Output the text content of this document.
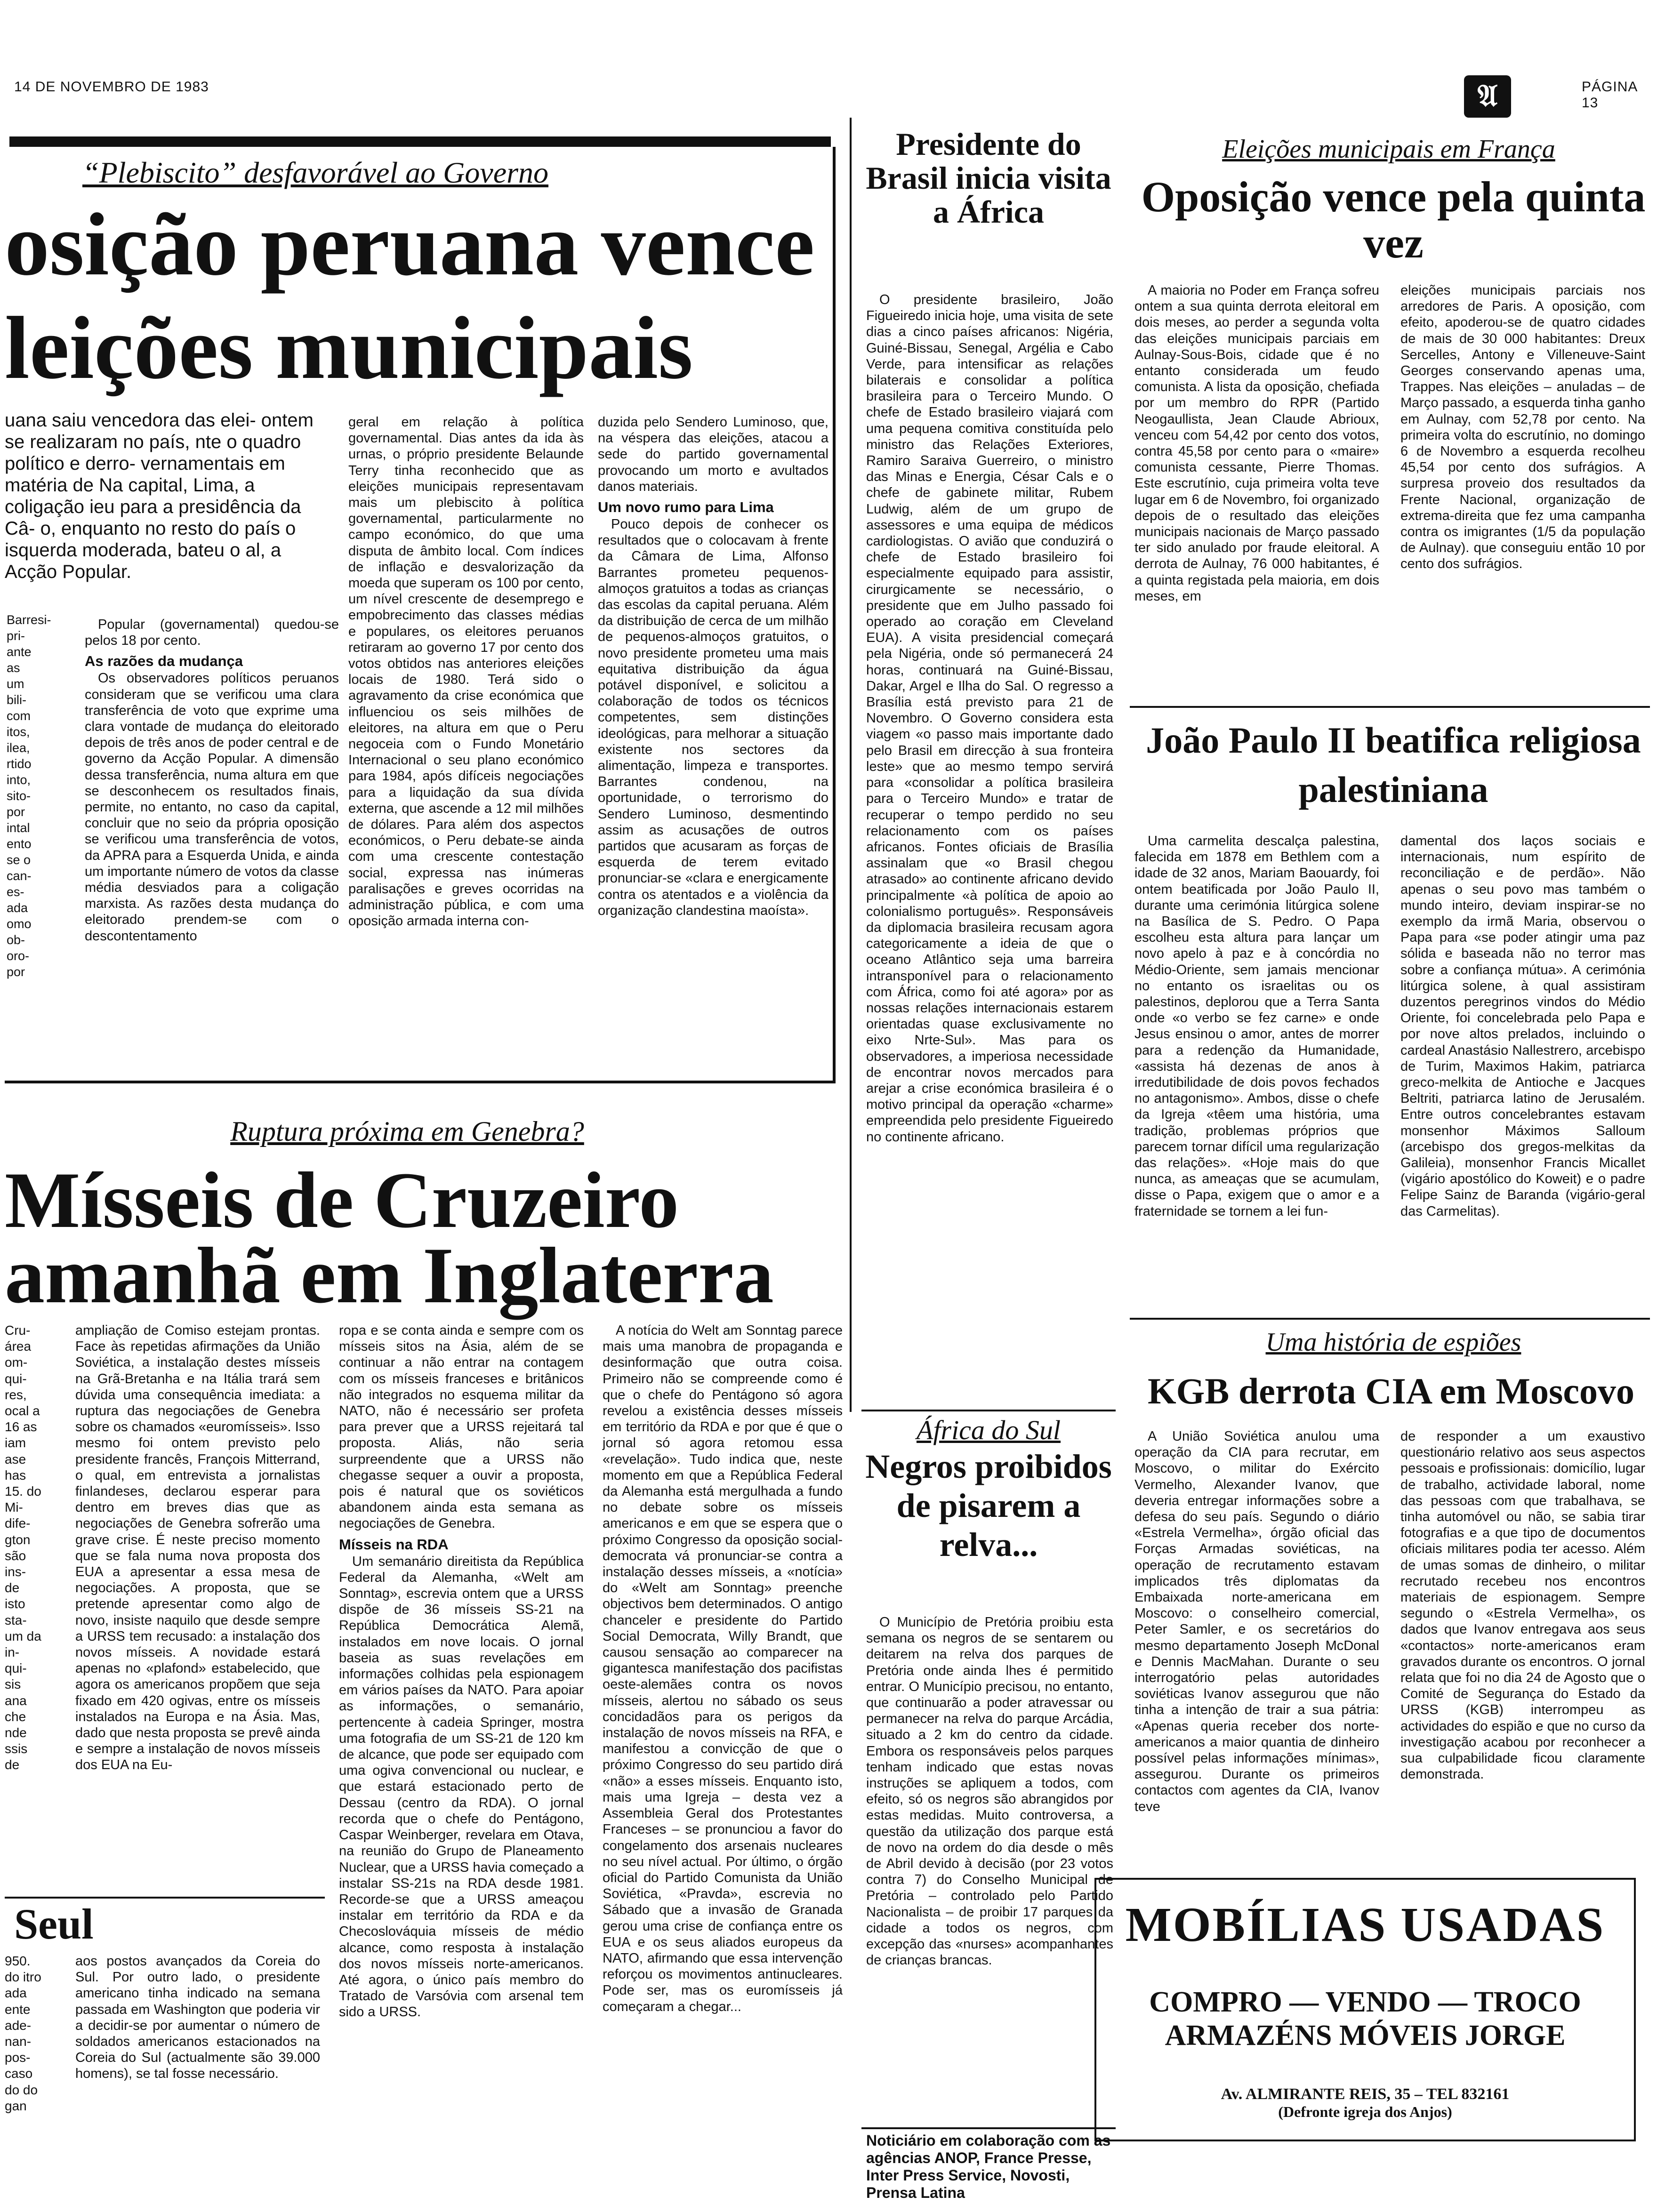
14 DE NOVEMBRO DE 1983	PÁGINA 13
𝔄
“Plebiscito” desfavorável ao Governo
osição peruana vence
leições municipais
uana saiu vencedora das elei- ontem se realizaram no país, nte o quadro político e derro- vernamentais em matéria de Na capital, Lima, a coligação ieu para a presidência da Câ- o, enquanto no resto do país o isquerda moderada, bateu o al, a Acção Popular.
Barresi- pri- ante as um bili- com itos, ilea, rtido into, sito- por intal ento se o can- es- ada omo ob- oro- por

Popular (governamental) quedou-se pelos 18 por cento.

As razões da mudança

Os observadores políticos peruanos consideram que se verificou uma clara transferência de voto que exprime uma clara vontade de mudança do eleitorado depois de três anos de poder central e de governo da Acção Popular. A dimensão dessa transferência, numa altura em que se desconhecem os resultados finais, permite, no entanto, no caso da capital, concluir que no seio da própria oposição se verificou uma transferência de votos, da APRA para a Esquerda Unida, e ainda um importante número de votos da classe média desviados para a coligação marxista. As razões desta mudança do eleitorado prendem-se com o descontentamento

geral em relação à política governamental. Dias antes da ida às urnas, o próprio presidente Belaunde Terry tinha reconhecido que as eleições municipais representavam mais um plebiscito à política governamental, particularmente no campo económico, do que uma disputa de âmbito local. Com índices de inflação e desvalorização da moeda que superam os 100 por cento, um nível crescente de desemprego e empobrecimento das classes médias e populares, os eleitores peruanos retiraram ao governo 17 por cento dos votos obtidos nas anteriores eleições locais de 1980. Terá sido o agravamento da crise económica que influenciou os seis milhões de eleitores, na altura em que o Peru negoceia com o Fundo Monetário Internacional o seu plano económico para 1984, após difíceis negociações para a liquidação da sua dívida externa, que ascende a 12 mil milhões de dólares. Para além dos aspectos económicos, o Peru debate-se ainda com uma crescente contestação social, expressa nas inúmeras paralisações e greves ocorridas na administração pública, e com uma oposição armada interna con-

duzida pelo Sendero Luminoso, que, na véspera das eleições, atacou a sede do partido governamental provocando um morto e avultados danos materiais.

Um novo rumo para Lima

Pouco depois de conhecer os resultados que o colocavam à frente da Câmara de Lima, Alfonso Barrantes prometeu pequenos-almoços gratuitos a todas as crianças das escolas da capital peruana. Além da distribuição de cerca de um milhão de pequenos-almoços gratuitos, o novo presidente prometeu uma mais equitativa distribuição da água potável disponível, e solicitou a colaboração de todos os técnicos competentes, sem distinções ideológicas, para melhorar a situação existente nos sectores da alimentação, limpeza e transportes. Barrantes condenou, na oportunidade, o terrorismo do Sendero Luminoso, desmentindo assim as acusações de outros partidos que acusaram as forças de esquerda de terem evitado pronunciar-se «clara e energicamente contra os atentados e a violência da organização clandestina maoísta».

Presidente do Brasil inicia visita a África

O presidente brasileiro, João Figueiredo inicia hoje, uma visita de sete dias a cinco países africanos: Nigéria, Guiné-Bissau, Senegal, Argélia e Cabo Verde, para intensificar as relações bilaterais e consolidar a política brasileira para o Terceiro Mundo. O chefe de Estado brasileiro viajará com uma pequena comitiva constituída pelo ministro das Relações Exteriores, Ramiro Saraiva Guerreiro, o ministro das Minas e Energia, César Cals e o chefe de gabinete militar, Rubem Ludwig, além de um grupo de assessores e uma equipa de médicos cardiologistas. O avião que conduzirá o chefe de Estado brasileiro foi especialmente equipado para assistir, cirurgicamente se necessário, o presidente que em Julho passado foi operado ao coração em Cleveland EUA). A visita presidencial começará pela Nigéria, onde só permanecerá 24 horas, continuará na Guiné-Bissau, Dakar, Argel e Ilha do Sal. O regresso a Brasília está previsto para 21 de Novembro. O Governo considera esta viagem «o passo mais importante dado pelo Brasil em direcção à sua fronteira leste» que ao mesmo tempo servirá para «consolidar a política brasileira para o Terceiro Mundo» e tratar de recuperar o tempo perdido no seu relacionamento com os países africanos. Fontes oficiais de Brasília assinalam que «o Brasil chegou atrasado» ao continente africano devido principalmente «à política de apoio ao colonialismo português». Responsáveis da diplomacia brasileira recusam agora categoricamente a ideia de que o oceano Atlântico seja uma barreira intransponível para o relacionamento com África, como foi até agora» por as nossas relações internacionais estarem orientadas quase exclusivamente no eixo Nrte-Sul». Mas para os observadores, a imperiosa necessidade de encontrar novos mercados para arejar a crise económica brasileira é o motivo principal da operação «charme» empreendida pelo presidente Figueiredo no continente africano.

Eleições municipais em França
Oposição vence pela quinta vez

A maioria no Poder em França sofreu ontem a sua quinta derrota eleitoral em dois meses, ao perder a segunda volta das eleições municipais parciais em Aulnay-Sous-Bois, cidade que é no entanto considerada um feudo comunista. A lista da oposição, chefiada por um membro do RPR (Partido Neogaullista, Jean Claude Abrioux, venceu com 54,42 por cento dos votos, contra 45,58 por cento para o «maire» comunista cessante, Pierre Thomas. Este escrutínio, cuja primeira volta teve lugar em 6 de Novembro, foi organizado depois de o resultado das eleições municipais nacionais de Março passado ter sido anulado por fraude eleitoral. A derrota de Aulnay, 76 000 habitantes, é a quinta registada pela maioria, em dois meses, em

eleições municipais parciais nos arredores de Paris. A oposição, com efeito, apoderou-se de quatro cidades de mais de 30 000 habitantes: Dreux Sercelles, Antony e Villeneuve-Saint Georges conservando apenas uma, Trappes. Nas eleições – anuladas – de Março passado, a esquerda tinha ganho em Aulnay, com 52,78 por cento. Na primeira volta do escrutínio, no domingo 6 de Novembro a esquerda recolheu 45,54 por cento dos sufrágios. A surpresa proveio dos resultados da Frente Nacional, organização de extrema-direita que fez uma campanha contra os imigrantes (1/5 da população de Aulnay). que conseguiu então 10 por cento dos sufrágios.

João Paulo II beatifica religiosa palestiniana

Uma carmelita descalça palestina, falecida em 1878 em Bethlem com a idade de 32 anos, Mariam Baouardy, foi ontem beatificada por João Paulo II, durante uma cerimónia litúrgica solene na Basílica de S. Pedro. O Papa escolheu esta altura para lançar um novo apelo à paz e à concórdia no Médio-Oriente, sem jamais mencionar no entanto os israelitas ou os palestinos, deplorou que a Terra Santa onde «o verbo se fez carne» e onde Jesus ensinou o amor, antes de morrer para a redenção da Humanidade, «assista há dezenas de anos à irredutibilidade de dois povos fechados no antagonismo». Ambos, disse o chefe da Igreja «têem uma história, uma tradição, problemas próprios que parecem tornar difícil uma regularização das relações». «Hoje mais do que nunca, as ameaças que se acumulam, disse o Papa, exigem que o amor e a fraternidade se tornem a lei fun-

damental dos laços sociais e internacionais, num espírito de reconciliação e de perdão». Não apenas o seu povo mas também o mundo inteiro, deviam inspirar-se no exemplo da irmã Maria, observou o Papa para «se poder atingir uma paz sólida e baseada não no terror mas sobre a confiança mútua». A cerimónia litúrgica solene, à qual assistiram duzentos peregrinos vindos do Médio Oriente, foi concelebrada pelo Papa e por nove altos prelados, incluindo o cardeal Anastásio Nallestrero, arcebispo de Turim, Maximos Hakim, patriarca greco-melkita de Antioche e Jacques Beltriti, patriarca latino de Jerusalém. Entre outros concelebrantes estavam monsenhor Máximos Salloum (arcebispo dos gregos-melkitas da Galileia), monsenhor Francis Micallet (vigário apostólico do Koweit) e o padre Felipe Sainz de Baranda (vigário-geral das Carmelitas).

Uma história de espiões
KGB derrota CIA em Moscovo

A União Soviética anulou uma operação da CIA para recrutar, em Moscovo, o militar do Exército Vermelho, Alexander Ivanov, que deveria entregar informações sobre a defesa do seu país. Segundo o diário «Estrela Vermelha», órgão oficial das Forças Armadas soviéticas, na operação de recrutamento estavam implicados três diplomatas da Embaixada norte-americana em Moscovo: o conselheiro comercial, Peter Samler, e os secretários do mesmo departamento Joseph McDonal e Dennis MacMahan. Durante o seu interrogatório pelas autoridades soviéticas Ivanov assegurou que não tinha a intenção de trair a sua pátria: «Apenas queria receber dos norte-americanos a maior quantia de dinheiro possível pelas informações mínimas», assegurou. Durante os primeiros contactos com agentes da CIA, Ivanov teve

de responder a um exaustivo questionário relativo aos seus aspectos pessoais e profissionais: domicílio, lugar de trabalho, actividade laboral, nome das pessoas com que trabalhava, se tinha automóvel ou não, se sabia tirar fotografias e a que tipo de documentos oficiais militares podia ter acesso. Além de umas somas de dinheiro, o militar recrutado recebeu nos encontros materiais de espionagem. Sempre segundo o «Estrela Vermelha», os dados que Ivanov entregava aos seus «contactos» norte-americanos eram gravados durante os encontros. O jornal relata que foi no dia 24 de Agosto que o Comité de Segurança do Estado da URSS (KGB) interrompeu as actividades do espião e que no curso da investigação acabou por reconhecer a sua culpabilidade ficou claramente demonstrada.

MOBÍLIAS USADAS
COMPRO — VENDO — TROCO
ARMAZÉNS MÓVEIS JORGE
Av. ALMIRANTE REIS, 35 – TEL 832161
(Defronte igreja dos Anjos)
Ruptura próxima em Genebra?
Mísseis de Cruzeiro
amanhã em Inglaterra
Cru- área om- qui- res, ocal a 16 as iam ase has 15. do Mi- dife- gton são ins- de isto sta- um da in- qui- sis ana che nde ssis de

ampliação de Comiso estejam prontas. Face às repetidas afirmações da União Soviética, a instalação destes mísseis na Grã-Bretanha e na Itália trará sem dúvida uma consequência imediata: a ruptura das negociações de Genebra sobre os chamados «euromísseis». Isso mesmo foi ontem previsto pelo presidente francês, François Mitterrand, o qual, em entrevista a jornalistas finlandeses, declarou esperar para dentro em breves dias que as negociações de Genebra sofrerão uma grave crise. É neste preciso momento que se fala numa nova proposta dos EUA a apresentar a essa mesa de negociações. A proposta, que se pretende apresentar como algo de novo, insiste naquilo que desde sempre a URSS tem recusado: a instalação dos novos mísseis. A novidade estará apenas no «plafond» estabelecido, que agora os americanos propõem que seja fixado em 420 ogivas, entre os mísseis instalados na Europa e na Ásia. Mas, dado que nesta proposta se prevê ainda e sempre a instalação de novos mísseis dos EUA na Eu-

ropa e se conta ainda e sempre com os mísseis sitos na Ásia, além de se continuar a não entrar na contagem com os mísseis franceses e britânicos não integrados no esquema militar da NATO, não é necessário ser profeta para prever que a URSS rejeitará tal proposta. Aliás, não seria surpreendente que a URSS não chegasse sequer a ouvir a proposta, pois é natural que os soviéticos abandonem ainda esta semana as negociações de Genebra.

Mísseis na RDA

Um semanário direitista da República Federal da Alemanha, «Welt am Sonntag», escrevia ontem que a URSS dispõe de 36 mísseis SS-21 na República Democrática Alemã, instalados em nove locais. O jornal baseia as suas revelações em informações colhidas pela espionagem em vários países da NATO. Para apoiar as informações, o semanário, pertencente à cadeia Springer, mostra uma fotografia de um SS-21 de 120 km de alcance, que pode ser equipado com uma ogiva convencional ou nuclear, e que estará estacionado perto de Dessau (centro da RDA). O jornal recorda que o chefe do Pentágono, Caspar Weinberger, revelara em Otava, na reunião do Grupo de Planeamento Nuclear, que a URSS havia começado a instalar SS-21s na RDA desde 1981. Recorde-se que a URSS ameaçou instalar em território da RDA e da Checoslováquia mísseis de médio alcance, como resposta à instalação dos novos mísseis norte-americanos. Até agora, o único país membro do Tratado de Varsóvia com arsenal tem sido a URSS.

A notícia do Welt am Sonntag parece mais uma manobra de propaganda e desinformação que outra coisa. Primeiro não se compreende como é que o chefe do Pentágono só agora revelou a existência desses mísseis em território da RDA e por que é que o jornal só agora retomou essa «revelação». Tudo indica que, neste momento em que a República Federal da Alemanha está mergulhada a fundo no debate sobre os mísseis americanos e em que se espera que o próximo Congresso da oposição social-democrata vá pronunciar-se contra a instalação desses mísseis, a «notícia» do «Welt am Sonntag» preenche objectivos bem determinados. O antigo chanceler e presidente do Partido Social Democrata, Willy Brandt, que causou sensação ao comparecer na gigantesca manifestação dos pacifistas oeste-alemães contra os novos mísseis, alertou no sábado os seus concidadãos para os perigos da instalação de novos mísseis na RFA, e manifestou a convicção de que o próximo Congresso do seu partido dirá «não» a esses mísseis. Enquanto isto, mais uma Igreja – desta vez a Assembleia Geral dos Protestantes Franceses – se pronunciou a favor do congelamento dos arsenais nucleares no seu nível actual. Por último, o órgão oficial do Partido Comunista da União Soviética, «Pravda», escrevia no Sábado que a invasão de Granada gerou uma crise de confiança entre os EUA e os seus aliados europeus da NATO, afirmando que essa intervenção reforçou os movimentos antinucleares. Pode ser, mas os euromísseis já começaram a chegar...

Seul
950. do itro ada ente ade- nan- pos- caso do do gan

aos postos avançados da Coreia do Sul. Por outro lado, o presidente americano tinha indicado na semana passada em Washington que poderia vir a decidir-se por aumentar o número de soldados americanos estacionados na Coreia do Sul (actualmente são 39.000 homens), se tal fosse necessário.

África do Sul
Negros proibidos de pisarem a relva...

O Município de Pretória proibiu esta semana os negros de se sentarem ou deitarem na relva dos parques de Pretória onde ainda lhes é permitido entrar. O Município precisou, no entanto, que continuarão a poder atravessar ou permanecer na relva do parque Arcádia, situado a 2 km do centro da cidade. Embora os responsáveis pelos parques tenham indicado que estas novas instruções se apliquem a todos, com efeito, só os negros são abrangidos por estas medidas. Muito controversa, a questão da utilização dos parque está de novo na ordem do dia desde o mês de Abril devido à decisão (por 23 votos contra 7) do Conselho Municipal de Pretória – controlado pelo Partido Nacionalista – de proibir 17 parques da cidade a todos os negros, com excepção das «nurses» acompanhantes de crianças brancas.

Noticiário em colaboração com as agências ANOP, France Presse, Inter Press Service, Novosti, Prensa Latina
